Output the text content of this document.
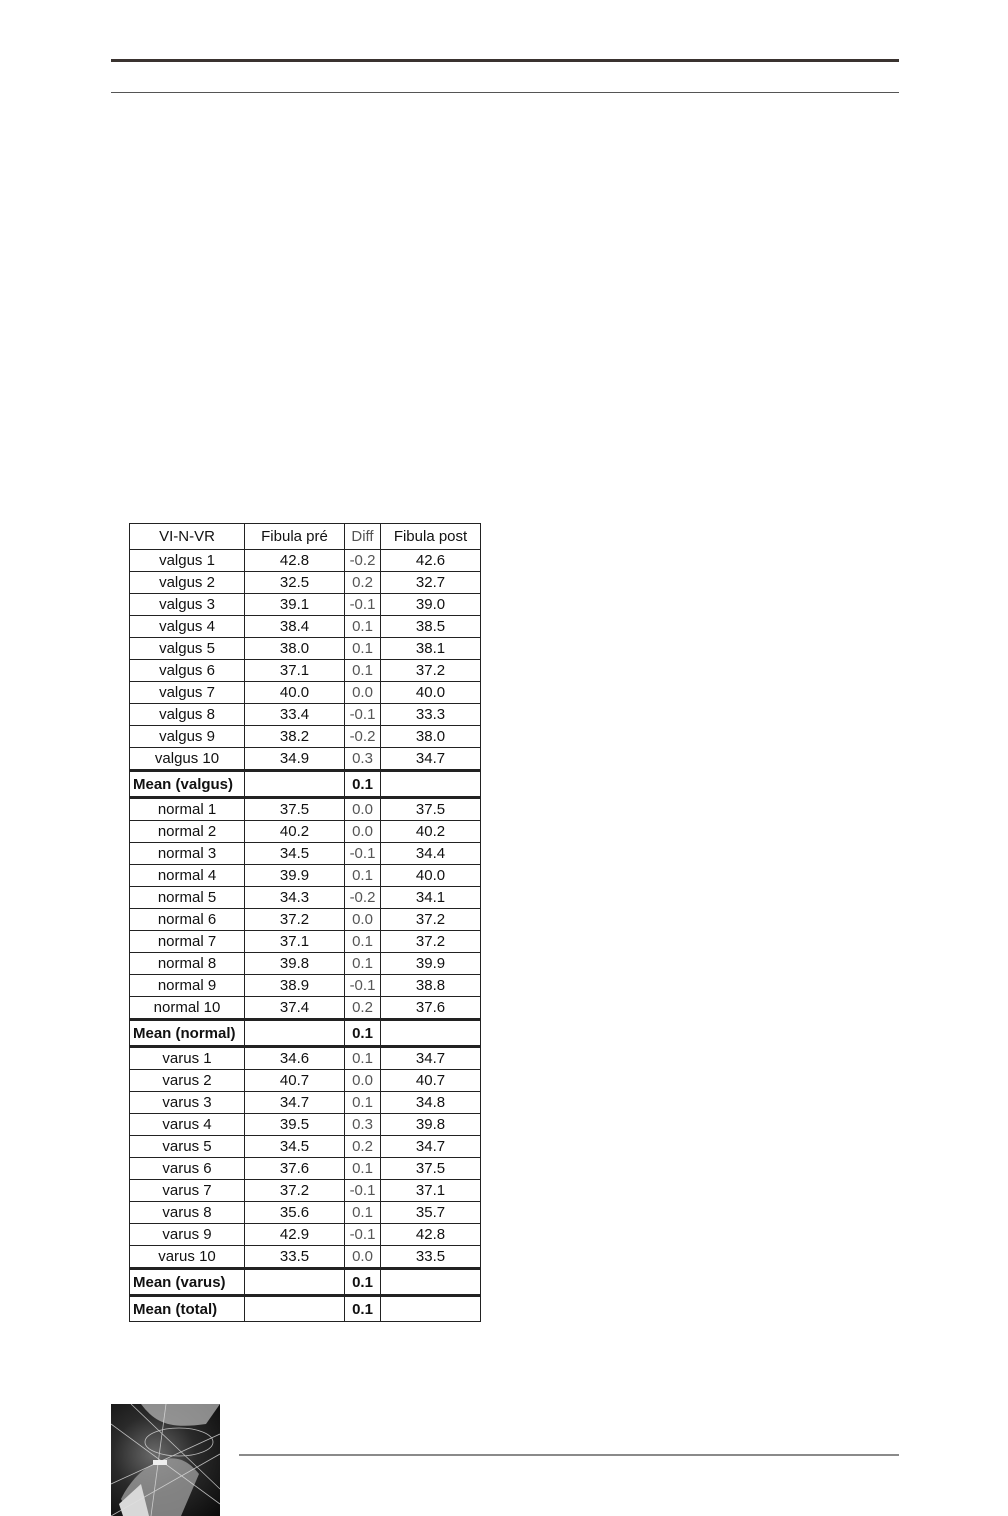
VI-N-VR	Fibula pré	Diff	Fibula post
valgus 1	42.8	-0.2	42.6
valgus 2	32.5	0.2	32.7
valgus 3	39.1	-0.1	39.0
valgus 4	38.4	0.1	38.5
valgus 5	38.0	0.1	38.1
valgus 6	37.1	0.1	37.2
valgus 7	40.0	0.0	40.0
valgus 8	33.4	-0.1	33.3
valgus 9	38.2	-0.2	38.0
valgus 10	34.9	0.3	34.7
Mean (valgus)		0.1	
normal 1	37.5	0.0	37.5
normal 2	40.2	0.0	40.2
normal 3	34.5	-0.1	34.4
normal 4	39.9	0.1	40.0
normal 5	34.3	-0.2	34.1
normal 6	37.2	0.0	37.2
normal 7	37.1	0.1	37.2
normal 8	39.8	0.1	39.9
normal 9	38.9	-0.1	38.8
normal 10	37.4	0.2	37.6
Mean (normal)		0.1	
varus 1	34.6	0.1	34.7
varus 2	40.7	0.0	40.7
varus 3	34.7	0.1	34.8
varus 4	39.5	0.3	39.8
varus 5	34.5	0.2	34.7
varus 6	37.6	0.1	37.5
varus 7	37.2	-0.1	37.1
varus 8	35.6	0.1	35.7
varus 9	42.9	-0.1	42.8
varus 10	33.5	0.0	33.5
Mean (varus)		0.1	
Mean (total)		0.1	
